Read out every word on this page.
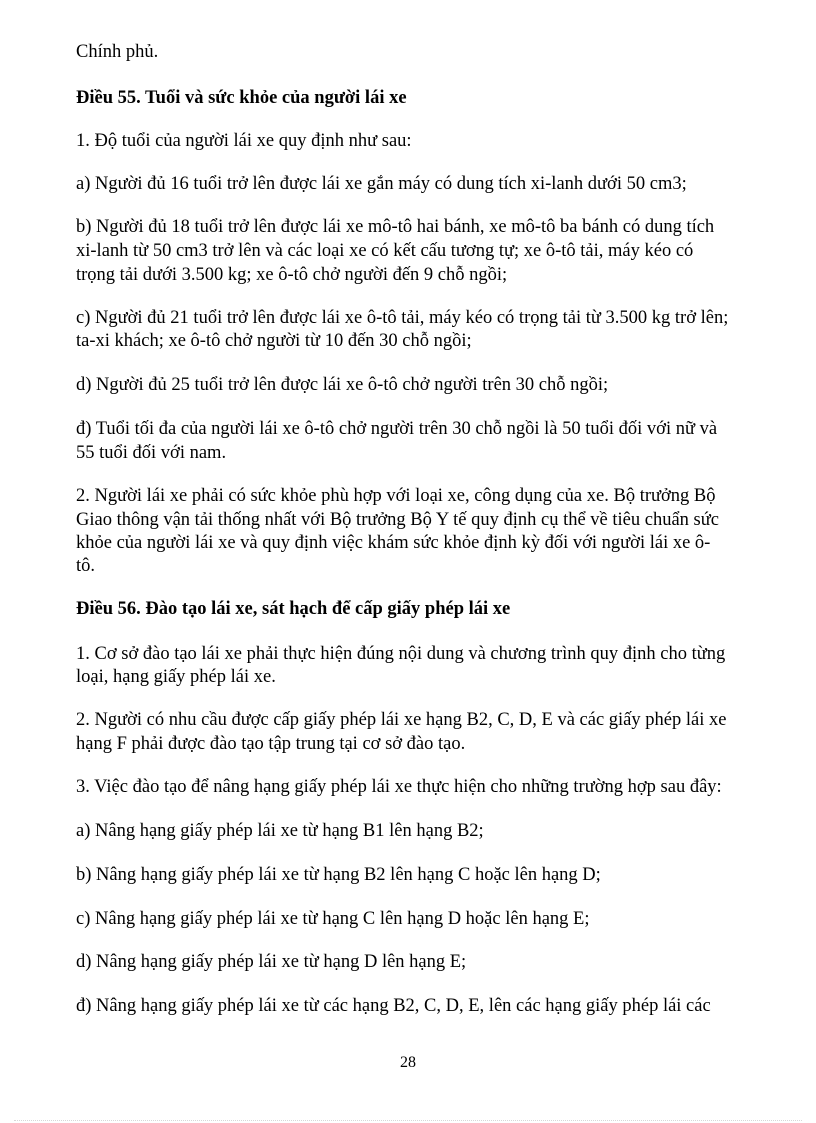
Chính phủ.
Điều 55. Tuổi và sức khỏe của người lái xe
1. Độ tuổi của người lái xe quy định như sau:
a) Người đủ 16 tuổi trở lên được lái xe gắn máy có dung tích xi-lanh dưới 50 cm3;
b) Người đủ 18 tuổi trở lên được lái xe mô-tô hai bánh, xe mô-tô ba bánh có dung tích
xi-lanh từ 50 cm3 trở lên và các loại xe có kết cấu tương tự; xe ô-tô tải, máy kéo có
trọng tải dưới 3.500 kg; xe ô-tô chở người đến 9 chỗ ngồi;
c) Người đủ 21 tuổi trở lên được lái xe ô-tô tải, máy kéo có trọng tải từ 3.500 kg trở lên;
ta-xi khách; xe ô-tô chở người từ 10 đến 30 chỗ ngồi;
d) Người đủ 25 tuổi trở lên được lái xe ô-tô chở người trên 30 chỗ ngồi;
đ) Tuổi tối đa của người lái xe ô-tô chở người trên 30 chỗ ngồi là 50 tuổi đối với nữ và
55 tuổi đối với nam.
2. Người lái xe phải có sức khỏe phù hợp với loại xe, công dụng của xe. Bộ trưởng Bộ
Giao thông vận tải thống nhất với Bộ trưởng Bộ Y tế quy định cụ thể về tiêu chuẩn sức
khỏe của người lái xe và quy định việc khám sức khỏe định kỳ đối với người lái xe ô-
tô.
Điều 56. Đào tạo lái xe, sát hạch để cấp giấy phép lái xe
1. Cơ sở đào tạo lái xe phải thực hiện đúng nội dung và chương trình quy định cho từng
loại, hạng giấy phép lái xe.
2. Người có nhu cầu được cấp giấy phép lái xe hạng B2, C, D, E và các giấy phép lái xe
hạng F phải được đào tạo tập trung tại cơ sở đào tạo.
3. Việc đào tạo để nâng hạng giấy phép lái xe thực hiện cho những trường hợp sau đây:
a) Nâng hạng giấy phép lái xe từ hạng B1 lên hạng B2;
b) Nâng hạng giấy phép lái xe từ hạng B2 lên hạng C hoặc lên hạng D;
c) Nâng hạng giấy phép lái xe từ hạng C lên hạng D hoặc lên hạng E;
d) Nâng hạng giấy phép lái xe từ hạng D lên hạng E;
đ) Nâng hạng giấy phép lái xe từ các hạng B2, C, D, E, lên các hạng giấy phép lái các
28
